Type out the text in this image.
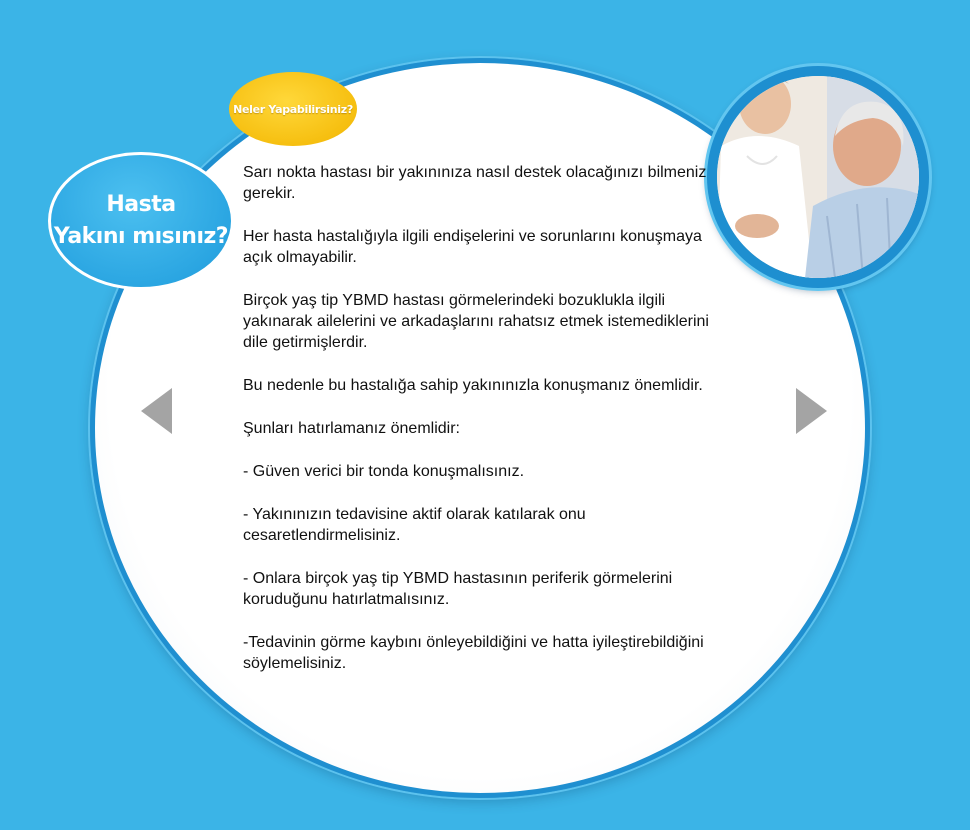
Neler Yapabilirsiniz?
Hasta
Yakını mısınız?

Sarı nokta hastası bir yakınınıza nasıl destek olacağınızı bilmeniz gerekir.

Her hasta hastalığıyla ilgili endişelerini ve sorunlarını konuşmaya açık olmayabilir.

Birçok yaş tip YBMD hastası görmelerindeki bozuklukla ilgili yakınarak ailelerini ve arkadaşlarını rahatsız etmek istemediklerini dile getirmişlerdir.

Bu nedenle bu hastalığa sahip yakınınızla konuşmanız önemlidir.

Şunları hatırlamanız önemlidir:

- Güven verici bir tonda konuşmalısınız.

- Yakınınızın tedavisine aktif olarak katılarak onu cesaretlendirmelisiniz.

- Onlara birçok yaş tip YBMD hastasının periferik görmelerini koruduğunu hatırlatmalısınız.

-Tedavinin görme kaybını önleyebildiğini ve hatta iyileştirebildiğini söylemelisiniz.
